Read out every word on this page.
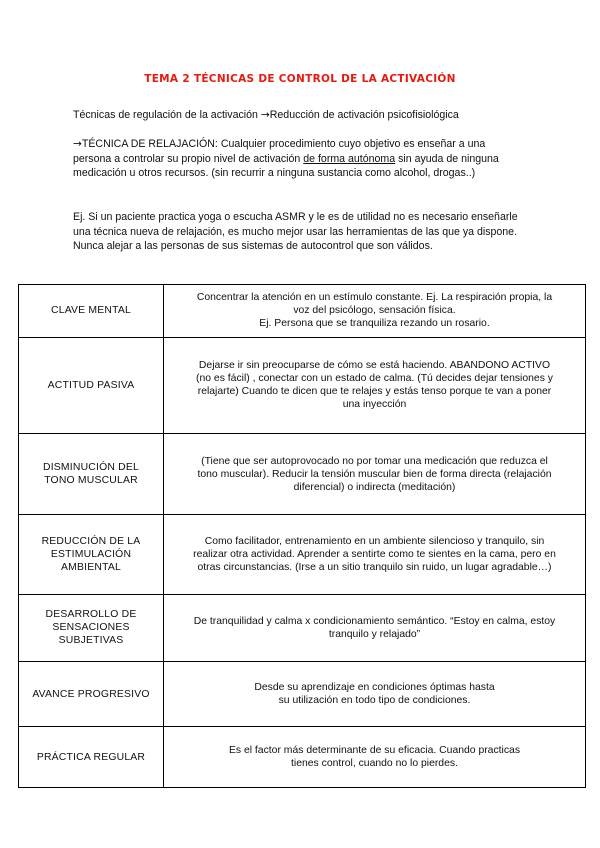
TEMA 2 TÉCNICAS DE CONTROL DE LA ACTIVACIÓN
Técnicas de regulación de la activación →Reducción de activación psicofisiológica
→TÉCNICA DE RELAJACIÓN: Cualquier procedimiento cuyo objetivo es enseñar a una persona a controlar su propio nivel de activación de forma autónoma sin ayuda de ninguna medicación u otros recursos. (sin recurrir a ninguna sustancia como alcohol, drogas..)
Ej. Si un paciente practica yoga o escucha ASMR y le es de utilidad no es necesario enseñarle una técnica nueva de relajación, es mucho mejor usar las herramientas de las que ya dispone. Nunca alejar a las personas de sus sistemas de autocontrol que son válidos.
CLAVE MENTAL	Concentrar la atención en un estímulo constante. Ej. La respiración propia, la voz del psicólogo, sensación física.
Ej. Persona que se tranquiliza rezando un rosario.
ACTITUD PASIVA	Dejarse ir sin preocuparse de cómo se está haciendo. ABANDONO ACTIVO (no es fácil) , conectar con un estado de calma. (Tú decides dejar tensiones y relajarte) Cuando te dicen que te relajes y estás tenso porque te van a poner una inyección
DISMINUCIÓN DEL TONO MUSCULAR	(Tiene que ser autoprovocado no por tomar una medicación que reduzca el tono muscular). Reducir la tensión muscular bien de forma directa (relajación diferencial) o indirecta (meditación)
REDUCCIÓN DE LA ESTIMULACIÓN AMBIENTAL	Como facilitador, entrenamiento en un ambiente silencioso y tranquilo, sin realizar otra actividad. Aprender a sentirte como te sientes en la cama, pero en otras circunstancias. (Irse a un sitio tranquilo sin ruido, un lugar agradable…)
DESARROLLO DE SENSACIONES SUBJETIVAS	De tranquilidad y calma x condicionamiento semántico. “Estoy en calma, estoy tranquilo y relajado”
AVANCE PROGRESIVO	Desde su aprendizaje en condiciones óptimas hasta su utilización en todo tipo de condiciones.
PRÁCTICA REGULAR	Es el factor más determinante de su eficacia. Cuando practicas tienes control, cuando no lo pierdes.
